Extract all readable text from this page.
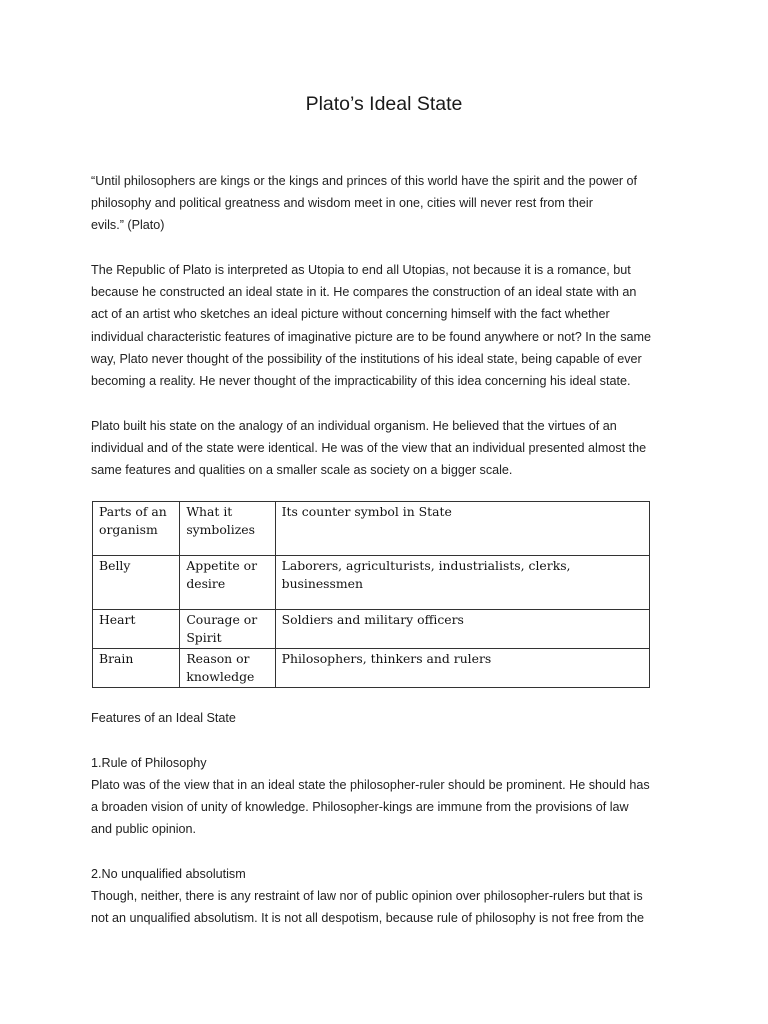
Plato’s Ideal State
“Until philosophers are kings or the kings and princes of this world have the spirit and the power of
philosophy and political greatness and wisdom meet in one, cities will never rest from their
evils.” (Plato)
The Republic of Plato is interpreted as Utopia to end all Utopias, not because it is a romance, but
because he constructed an ideal state in it. He compares the construction of an ideal state with an
act of an artist who sketches an ideal picture without concerning himself with the fact whether
individual characteristic features of imaginative picture are to be found anywhere or not? In the same
way, Plato never thought of the possibility of the institutions of his ideal state, being capable of ever
becoming a reality. He never thought of the impracticability of this idea concerning his ideal state.
Plato built his state on the analogy of an individual organism. He believed that the virtues of an
individual and of the state were identical. He was of the view that an individual presented almost the
same features and qualities on a smaller scale as society on a bigger scale.
Parts of an organism	What it symbolizes	Its counter symbol in State
Belly	Appetite or desire	Laborers, agriculturists, industrialists, clerks, businessmen
Heart	Courage or Spirit	Soldiers and military officers
Brain	Reason or knowledge	Philosophers, thinkers and rulers

Features of an Ideal State

1.Rule of Philosophy

Plato was of the view that in an ideal state the philosopher-ruler should be prominent. He should has
a broaden vision of unity of knowledge. Philosopher-kings are immune from the provisions of law
and public opinion.

2.No unqualified absolutism

Though, neither, there is any restraint of law nor of public opinion over philosopher-rulers but that is
not an unqualified absolutism. It is not all despotism, because rule of philosophy is not free from the
